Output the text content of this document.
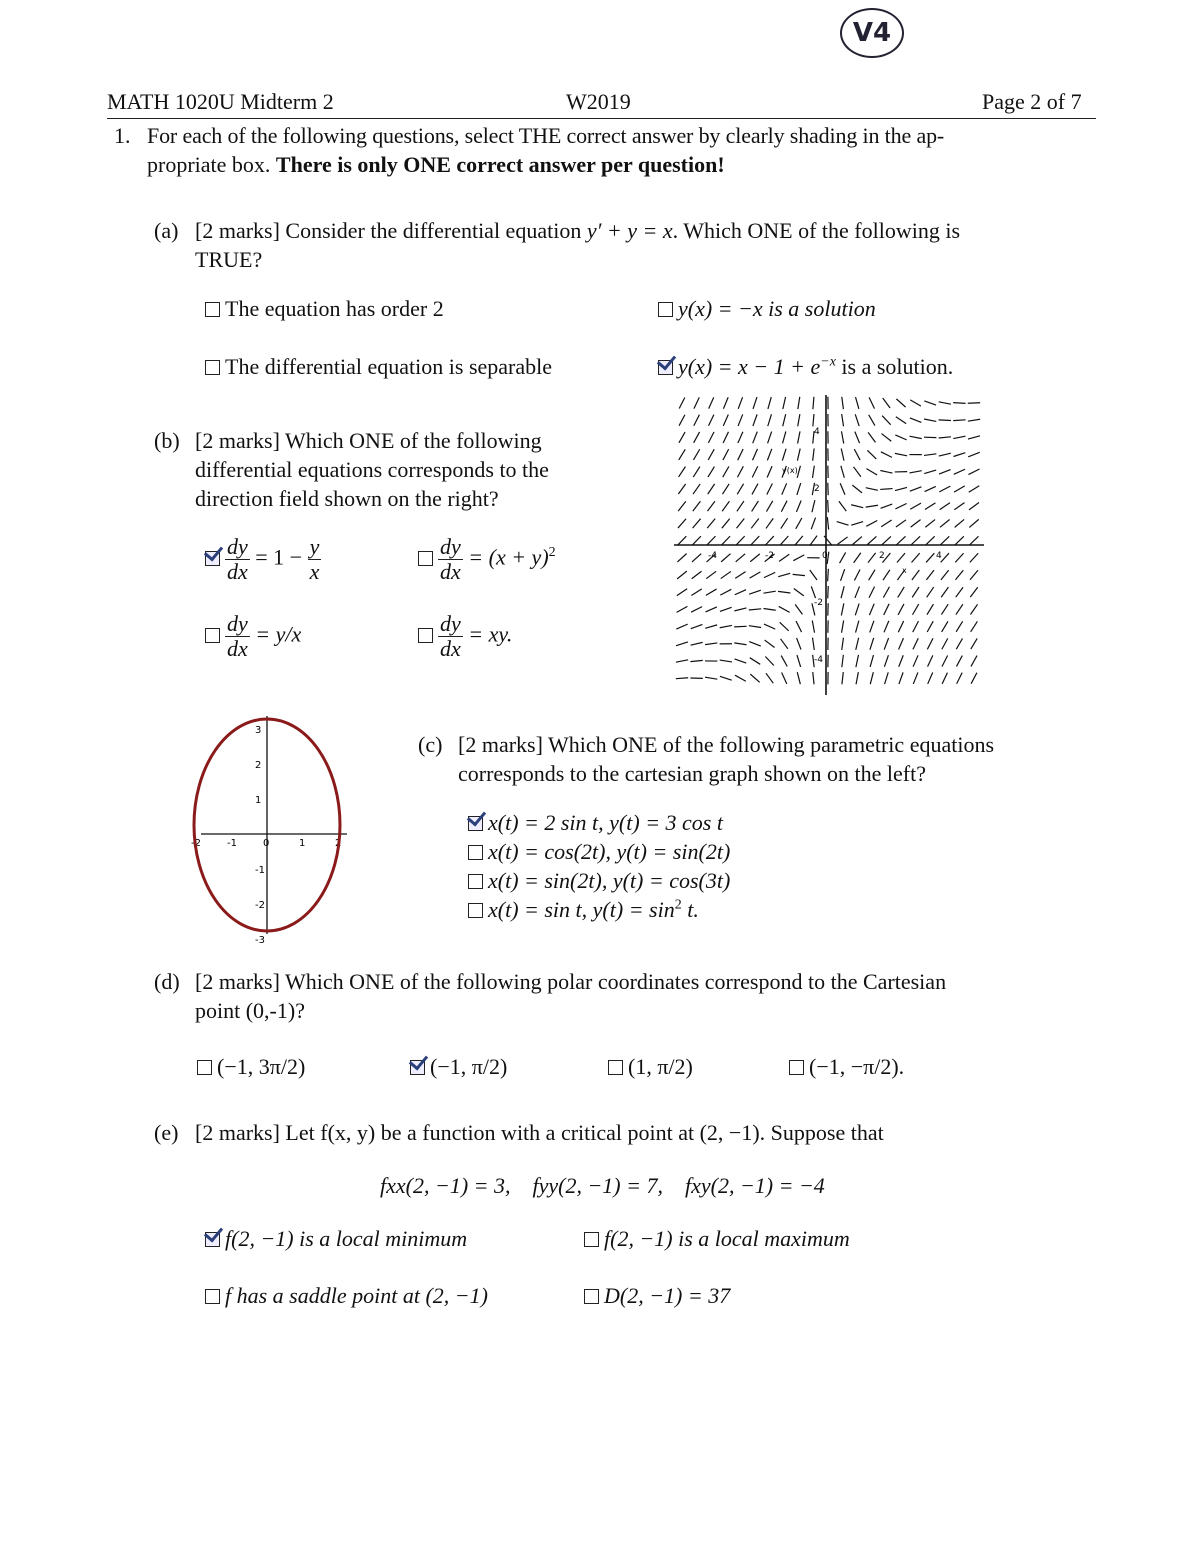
V4
MATH 1020U Midterm 2	W2019	Page 2 of 7
1. For each of the following questions, select THE correct answer by clearly shading in the ap-
propriate box. There is only ONE correct answer per question!
(a) [2 marks] Consider the differential equation y′ + y = x. Which ONE of the following is
TRUE?
The equation has order 2	y(x) = −x is a solution
The differential equation is separable	$y(x) = x - 1 + e^{-x}$ is a solution.
(b) [2 marks] Which ONE of the following
differential equations corresponds to the
direction field shown on the right?
$\frac{dy}{dx} = 1 - \frac{y}{x}$	$\frac{dy}{dx} = (x + y)^2$
$\frac{dy}{dx} = y/x$	$\frac{dy}{dx}$ = xy.
-4	-2	0	2	4
4
2
-2
-4
y(x)
x
-2	-1	0	1	2
3
2
1
-1
-2
-3
(c) [2 marks] Which ONE of the following parametric equations
corresponds to the cartesian graph shown on the left?
x(t) = 2 sin t, y(t) = 3 cos t
x(t) = cos(2t), y(t) = sin(2t)
x(t) = sin(2t), y(t) = cos(3t)
x(t) = sin t, $y(t) = \sin^2 t$.
(d) [2 marks] Which ONE of the following polar coordinates correspond to the Cartesian
point (0,-1)?
(−1, 3π/2)	(−1, π/2)	(1, π/2)	(−1, −π/2).
(e) [2 marks] Let f(x, y) be a function with a critical point at (2, −1). Suppose that
fxx(2, −1) = 3,    fyy(2, −1) = 7,    fxy(2, −1) = −4
f(2, −1) is a local minimum	f(2, −1) is a local maximum
f has a saddle point at (2, −1)	D(2, −1) = 37
